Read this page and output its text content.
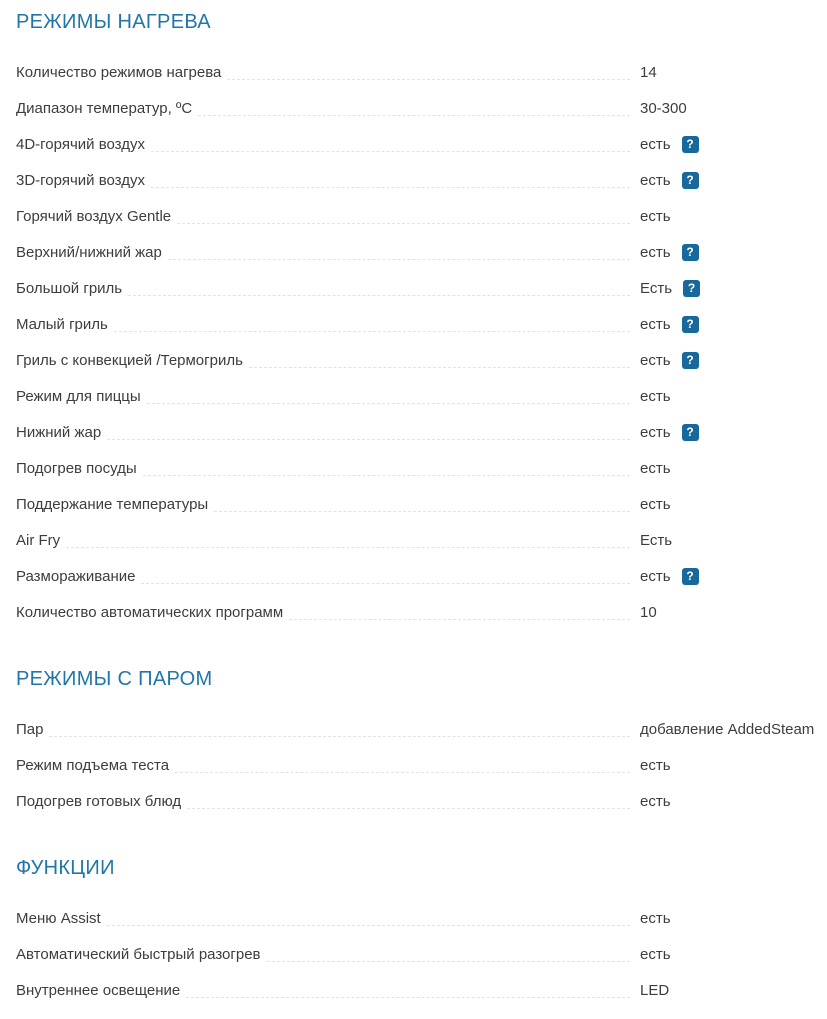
РЕЖИМЫ НАГРЕВА
Количество режимов нагрева	14
Диапазон температур, ºС	30-300
4D-горячий воздух	есть	?
3D-горячий воздух	есть	?
Горячий воздух Gentle	есть
Верхний/нижний жар	есть	?
Большой гриль	Есть	?
Малый гриль	есть	?
Гриль с конвекцией /Термогриль	есть	?
Режим для пиццы	есть
Нижний жар	есть	?
Подогрев посуды	есть
Поддержание температуры	есть
Air Fry	Есть
Размораживание	есть	?
Количество автоматических программ	10
РЕЖИМЫ С ПАРОМ
Пар	добавление AddedSteam
Режим подъема теста	есть
Подогрев готовых блюд	есть
ФУНКЦИИ
Меню Assist	есть
Автоматический быстрый разогрев	есть
Внутреннее освещение	LED
